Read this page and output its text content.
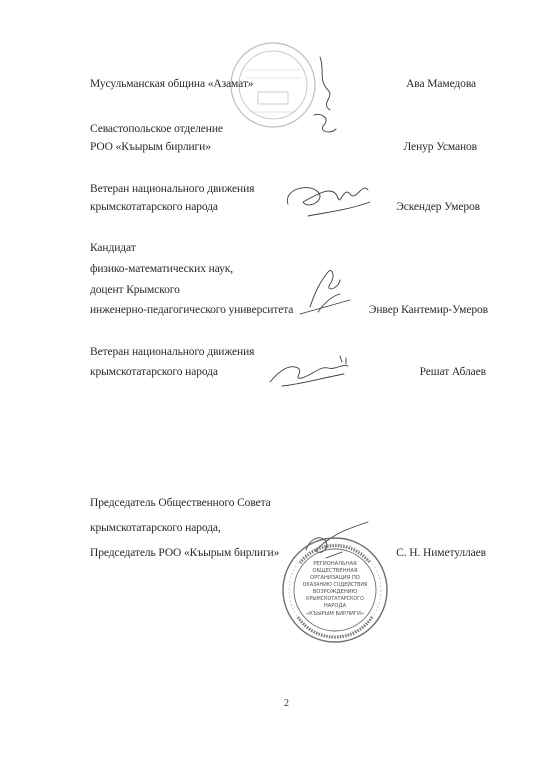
РЕГИОНАЛЬНАЯ
ОБЩЕСТВЕННАЯ
ОРГАНИЗАЦИЯ ПО
ОКАЗАНИЮ СОДЕЙСТВИЯ
ВОЗРОЖДЕНИЮ
КРЫМСКОТАТАРСКОГО
НАРОДА
«КЪЫРЫМ БИРЛИГИ»
Мусульманская община «Азамат»	Ава Мамедова
Севастопольское отделение
РОО «Къырым бирлиги»	Ленур Усманов
Ветеран национального движения
крымскотатарского народа	Эскендер Умеров
Кандидат
физико-математических наук,
доцент Крымского
инженерно-педагогического университета	Энвер Кантемир-Умеров
Ветеран национального движения
крымскотатарского народа	Решат Аблаев
Председатель Общественного Совета
крымскотатарского народа,
Председатель РОО «Къырым бирлиги»	С. Н. Ниметуллаев
2
